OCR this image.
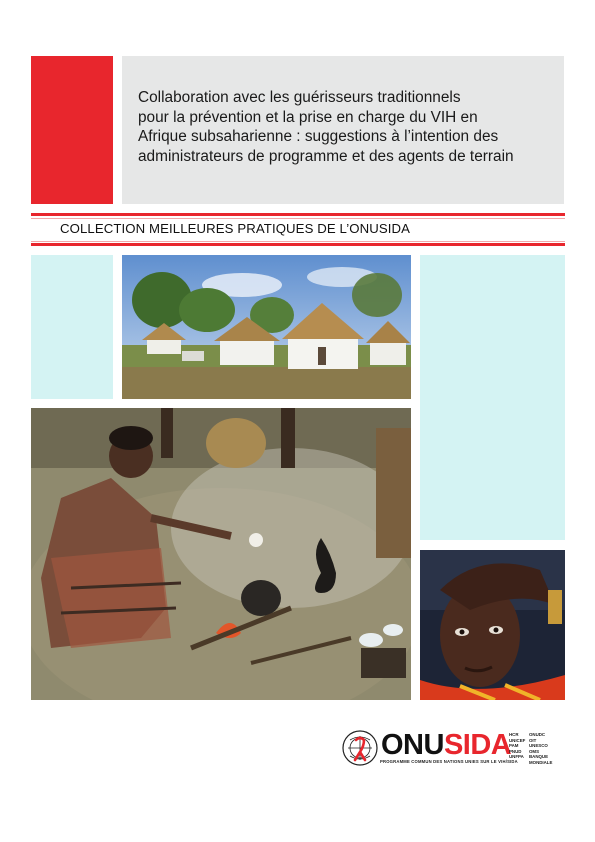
Collaboration avec les guérisseurs traditionnels
pour la prévention et la prise en charge du VIH en
Afrique subsaharienne : suggestions à l’intention des
administrateurs de programme et des agents de terrain
COLLECTION MEILLEURES PRATIQUES DE L’ONUSIDA
ONUSIDA
PROGRAMME COMMUN DES NATIONS UNIES SUR LE VIH/SIDA
HCR
UNICEF
PAM
PNUD
UNFPA
ONUDC
OIT
UNESCO
OMS
BANQUE MONDIALE
